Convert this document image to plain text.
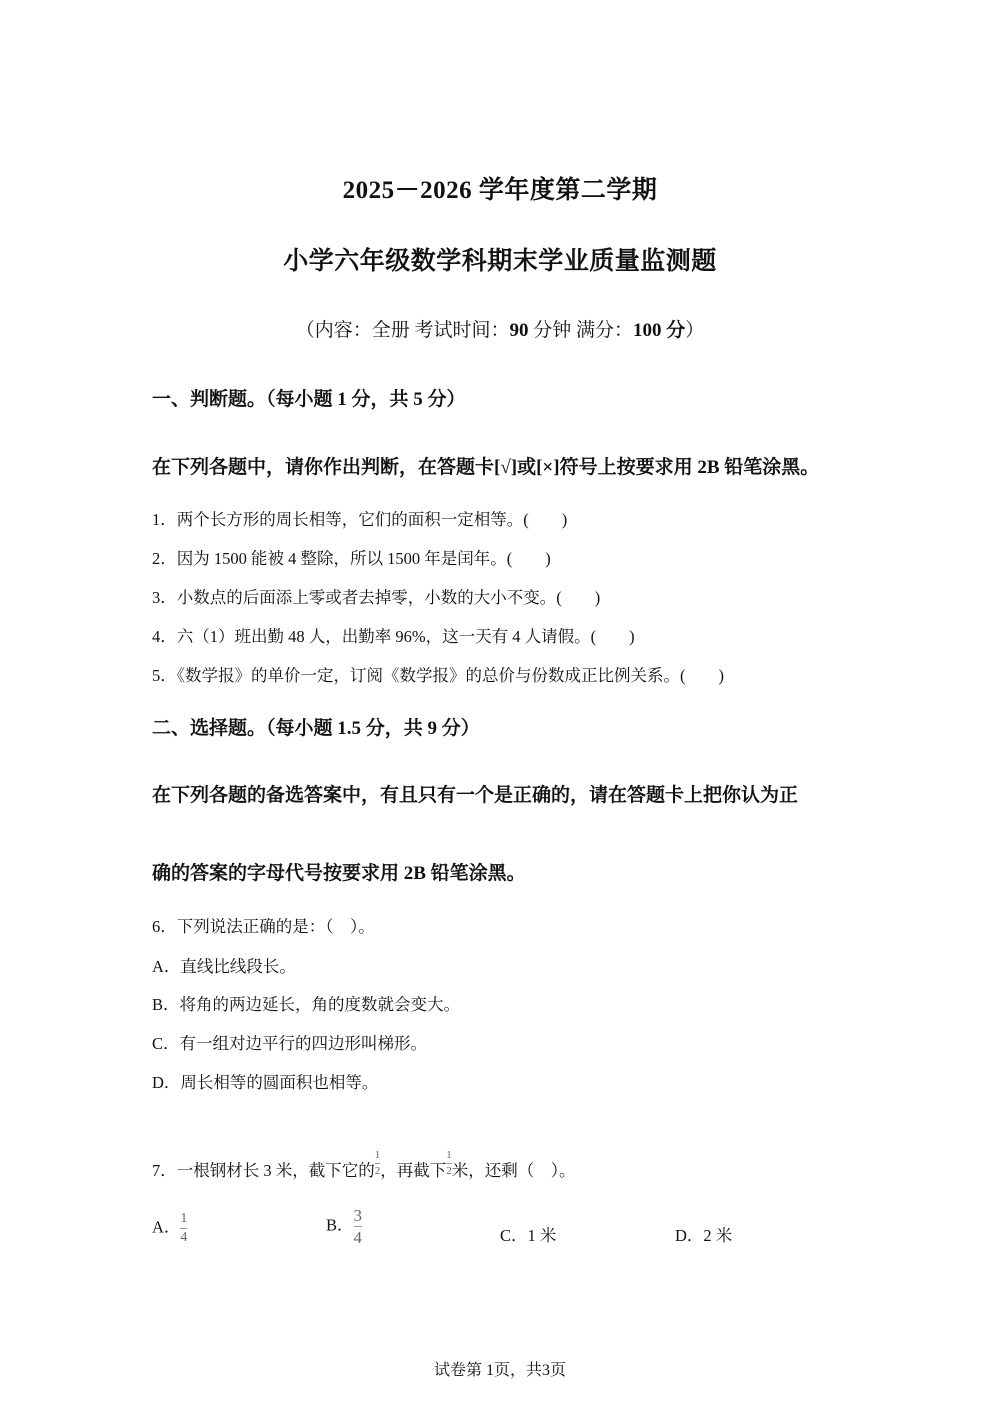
2025－2026 学年度第二学期
小学六年级数学科期末学业质量监测题
（内容：全册 考试时间：90 分钟 满分：100 分）
一、判断题。（每小题 1 分，共 5 分）
在下列各题中，请你作出判断，在答题卡[√]或[×]符号上按要求用 2B 铅笔涂黑。
1．两个长方形的周长相等，它们的面积一定相等。(　　)
2．因为 1500 能被 4 整除，所以 1500 年是闰年。(　　)
3．小数点的后面添上零或者去掉零，小数的大小不变。(　　)
4．六（1）班出勤 48 人，出勤率 96%，这一天有 4 人请假。(　　)
5．《数学报》的单价一定，订阅《数学报》的总价与份数成正比例关系。(　　)
二、选择题。（每小题 1.5 分，共 9 分）
在下列各题的备选答案中，有且只有一个是正确的，请在答题卡上把你认为正
确的答案的字母代号按要求用 2B 铅笔涂黑。
6．下列说法正确的是：（　）。
A．直线比线段长。
B．将角的两边延长，角的度数就会变大。
C．有一组对边平行的四边形叫梯形。
D．周长相等的圆面积也相等。
7．一根钢材长 3 米，截下它的 $\frac{1}{2}$ ，再截下 $\frac{1}{2}$ 米，还剩（　）。
A． $\frac{1}{4}$	B． $\frac{3}{4}$	C．1 米	D．2 米
试卷第 1页，共3页
